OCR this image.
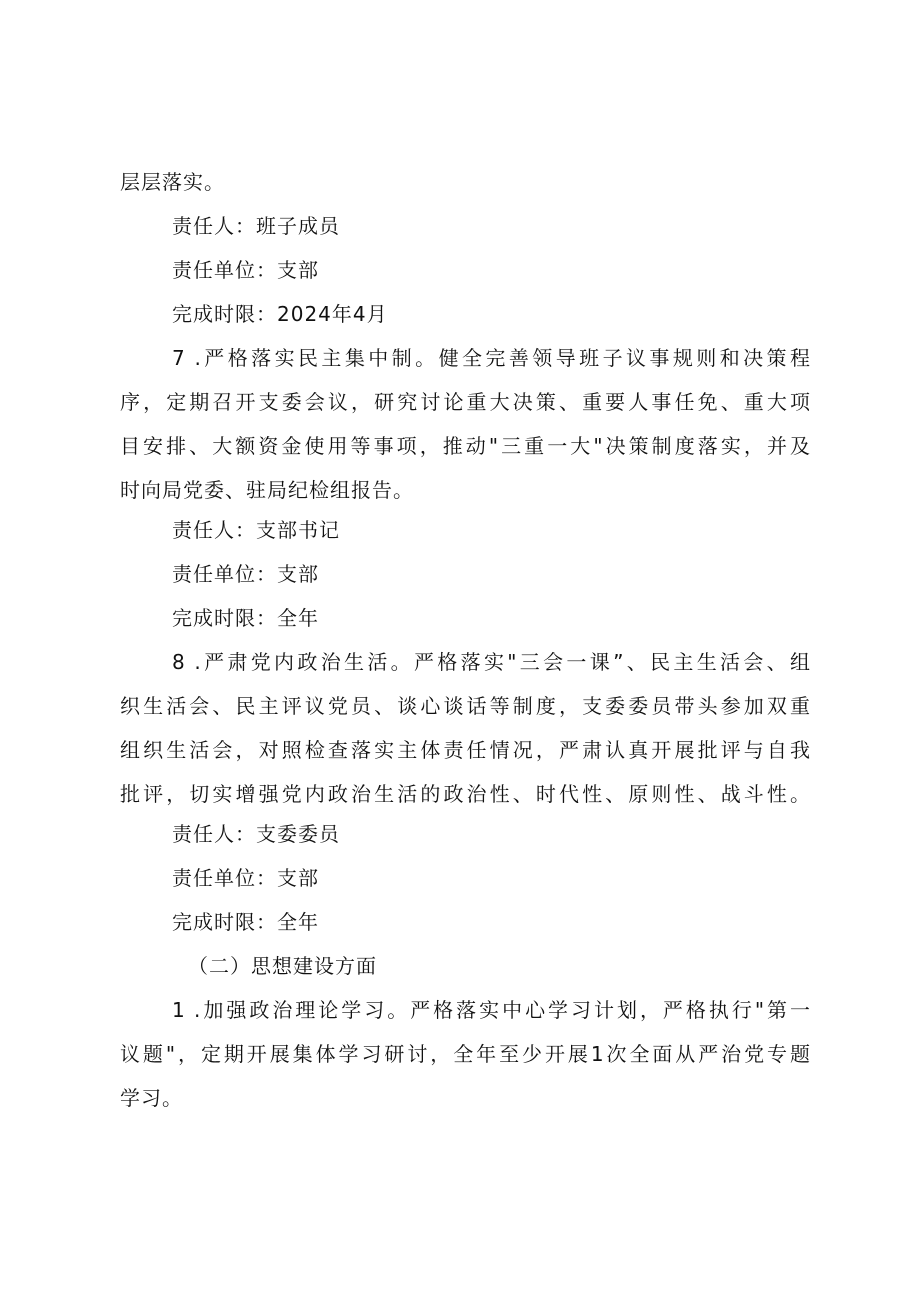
层层落实。
责任人：班子成员
责任单位：支部
完成时限：2024年4月
7 .严格落实民主集中制。健全完善领导班子议事规则和决策程
序，定期召开支委会议，研究讨论重大决策、重要人事任免、重大项
目安排、大额资金使用等事项，推动"三重一大"决策制度落实，并及
时向局党委、驻局纪检组报告。
责任人：支部书记
责任单位：支部
完成时限：全年
8 .严肃党内政治生活。严格落实"三会一课”、民主生活会、组
织生活会、民主评议党员、谈心谈话等制度，支委委员带头参加双重
组织生活会，对照检查落实主体责任情况，严肃认真开展批评与自我
批评，切实增强党内政治生活的政治性、时代性、原则性、战斗性。
责任人：支委委员
责任单位：支部
完成时限：全年
（二）思想建设方面
1 .加强政治理论学习。严格落实中心学习计划，严格执行"第一
议题"，定期开展集体学习研讨，全年至少开展1次全面从严治党专题
学习。
